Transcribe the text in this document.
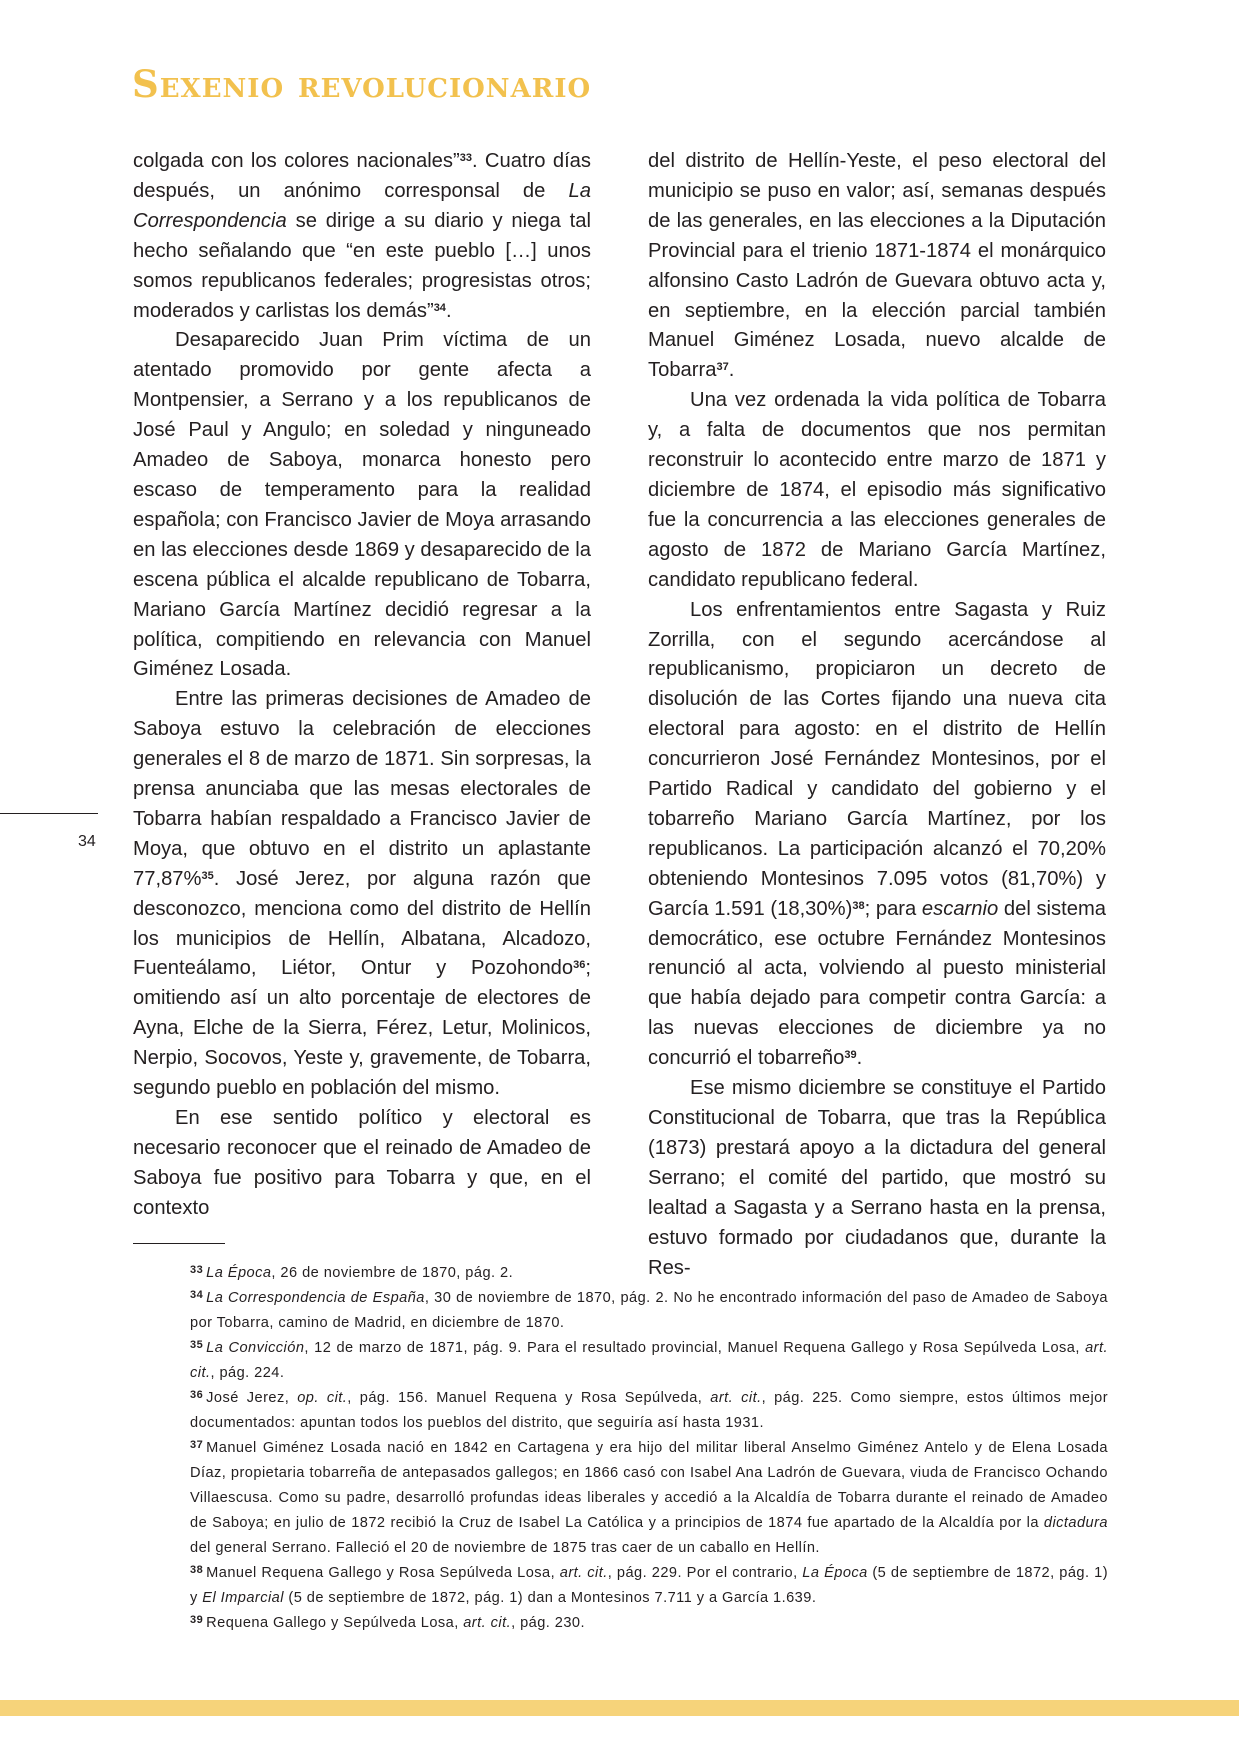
Sexenio revolucionario
34

colgada con los colores nacionales”$^{33}$. Cuatro días después, un anónimo corresponsal de La Correspondencia se dirige a su diario y niega tal hecho señalando que “en este pueblo […] unos somos republicanos federales; progresistas otros; moderados y carlistas los demás”$^{34}$.

Desaparecido Juan Prim víctima de un atentado promovido por gente afecta a Montpensier, a Serrano y a los republicanos de José Paul y Angulo; en soledad y ninguneado Amadeo de Saboya, monarca honesto pero escaso de temperamento para la realidad española; con Francisco Javier de Moya arrasando en las elecciones desde 1869 y desaparecido de la escena pública el alcalde republicano de Tobarra, Mariano García Martínez decidió regresar a la política, compitiendo en relevancia con Manuel Giménez Losada.

Entre las primeras decisiones de Amadeo de Saboya estuvo la celebración de elecciones generales el 8 de marzo de 1871. Sin sorpresas, la prensa anunciaba que las mesas electorales de Tobarra habían respaldado a Francisco Javier de Moya, que obtuvo en el distrito un aplastante 77,87%$^{35}$. José Jerez, por alguna razón que desconozco, menciona como del distrito de Hellín los municipios de Hellín, Albatana, Alcadozo, Fuenteálamo, Liétor, Ontur y Pozohondo$^{36}$; omitiendo así un alto porcentaje de electores de Ayna, Elche de la Sierra, Férez, Letur, Molinicos, Nerpio, Socovos, Yeste y, gravemente, de Tobarra, segundo pueblo en población del mismo.

En ese sentido político y electoral es necesario reconocer que el reinado de Amadeo de Saboya fue positivo para Tobarra y que, en el contexto

del distrito de Hellín-Yeste, el peso electoral del municipio se puso en valor; así, semanas después de las generales, en las elecciones a la Diputación Provincial para el trienio 1871-1874 el monárquico alfonsino Casto Ladrón de Guevara obtuvo acta y, en septiembre, en la elección parcial también Manuel Giménez Losada, nuevo alcalde de Tobarra$^{37}$.

Una vez ordenada la vida política de Tobarra y, a falta de documentos que nos permitan reconstruir lo acontecido entre marzo de 1871 y diciembre de 1874, el episodio más significativo fue la concurrencia a las elecciones generales de agosto de 1872 de Mariano García Martínez, candidato republicano federal.

Los enfrentamientos entre Sagasta y Ruiz Zorrilla, con el segundo acercándose al republicanismo, propiciaron un decreto de disolución de las Cortes fijando una nueva cita electoral para agosto: en el distrito de Hellín concurrieron José Fernández Montesinos, por el Partido Radical y candidato del gobierno y el tobarreño Mariano García Martínez, por los republicanos. La participación alcanzó el 70,20% obteniendo Montesinos 7.095 votos (81,70%) y García 1.591 (18,30%)$^{38}$; para escarnio del sistema democrático, ese octubre Fernández Montesinos renunció al acta, volviendo al puesto ministerial que había dejado para competir contra García: a las nuevas elecciones de diciembre ya no concurrió el tobarreño$^{39}$.

Ese mismo diciembre se constituye el Partido Constitucional de Tobarra, que tras la República (1873) prestará apoyo a la dictadura del general Serrano; el comité del partido, que mostró su lealtad a Sagasta y a Serrano hasta en la prensa, estuvo formado por ciudadanos que, durante la Res-

$^{33}$ La Época, 26 de noviembre de 1870, pág. 2.

$^{34}$ La Correspondencia de España, 30 de noviembre de 1870, pág. 2. No he encontrado información del paso de Amadeo de Saboya por Tobarra, camino de Madrid, en diciembre de 1870.

$^{35}$ La Convicción, 12 de marzo de 1871, pág. 9. Para el resultado provincial, Manuel Requena Gallego y Rosa Sepúlveda Losa, art. cit., pág. 224.

$^{36}$ José Jerez, op. cit., pág. 156. Manuel Requena y Rosa Sepúlveda, art. cit., pág. 225. Como siempre, estos últimos mejor documentados: apuntan todos los pueblos del distrito, que seguiría así hasta 1931.

$^{37}$ Manuel Giménez Losada nació en 1842 en Cartagena y era hijo del militar liberal Anselmo Giménez Antelo y de Elena Losada Díaz, propietaria tobarreña de antepasados gallegos; en 1866 casó con Isabel Ana Ladrón de Guevara, viuda de Francisco Ochando Villaescusa. Como su padre, desarrolló profundas ideas liberales y accedió a la Alcaldía de Tobarra durante el reinado de Amadeo de Saboya; en julio de 1872 recibió la Cruz de Isabel La Católica y a principios de 1874 fue apartado de la Alcaldía por la dictadura del general Serrano. Falleció el 20 de noviembre de 1875 tras caer de un caballo en Hellín.

$^{38}$ Manuel Requena Gallego y Rosa Sepúlveda Losa, art. cit., pág. 229. Por el contrario, La Época (5 de septiembre de 1872, pág. 1) y El Imparcial (5 de septiembre de 1872, pág. 1) dan a Montesinos 7.711 y a García 1.639.

$^{39}$ Requena Gallego y Sepúlveda Losa, art. cit., pág. 230.
